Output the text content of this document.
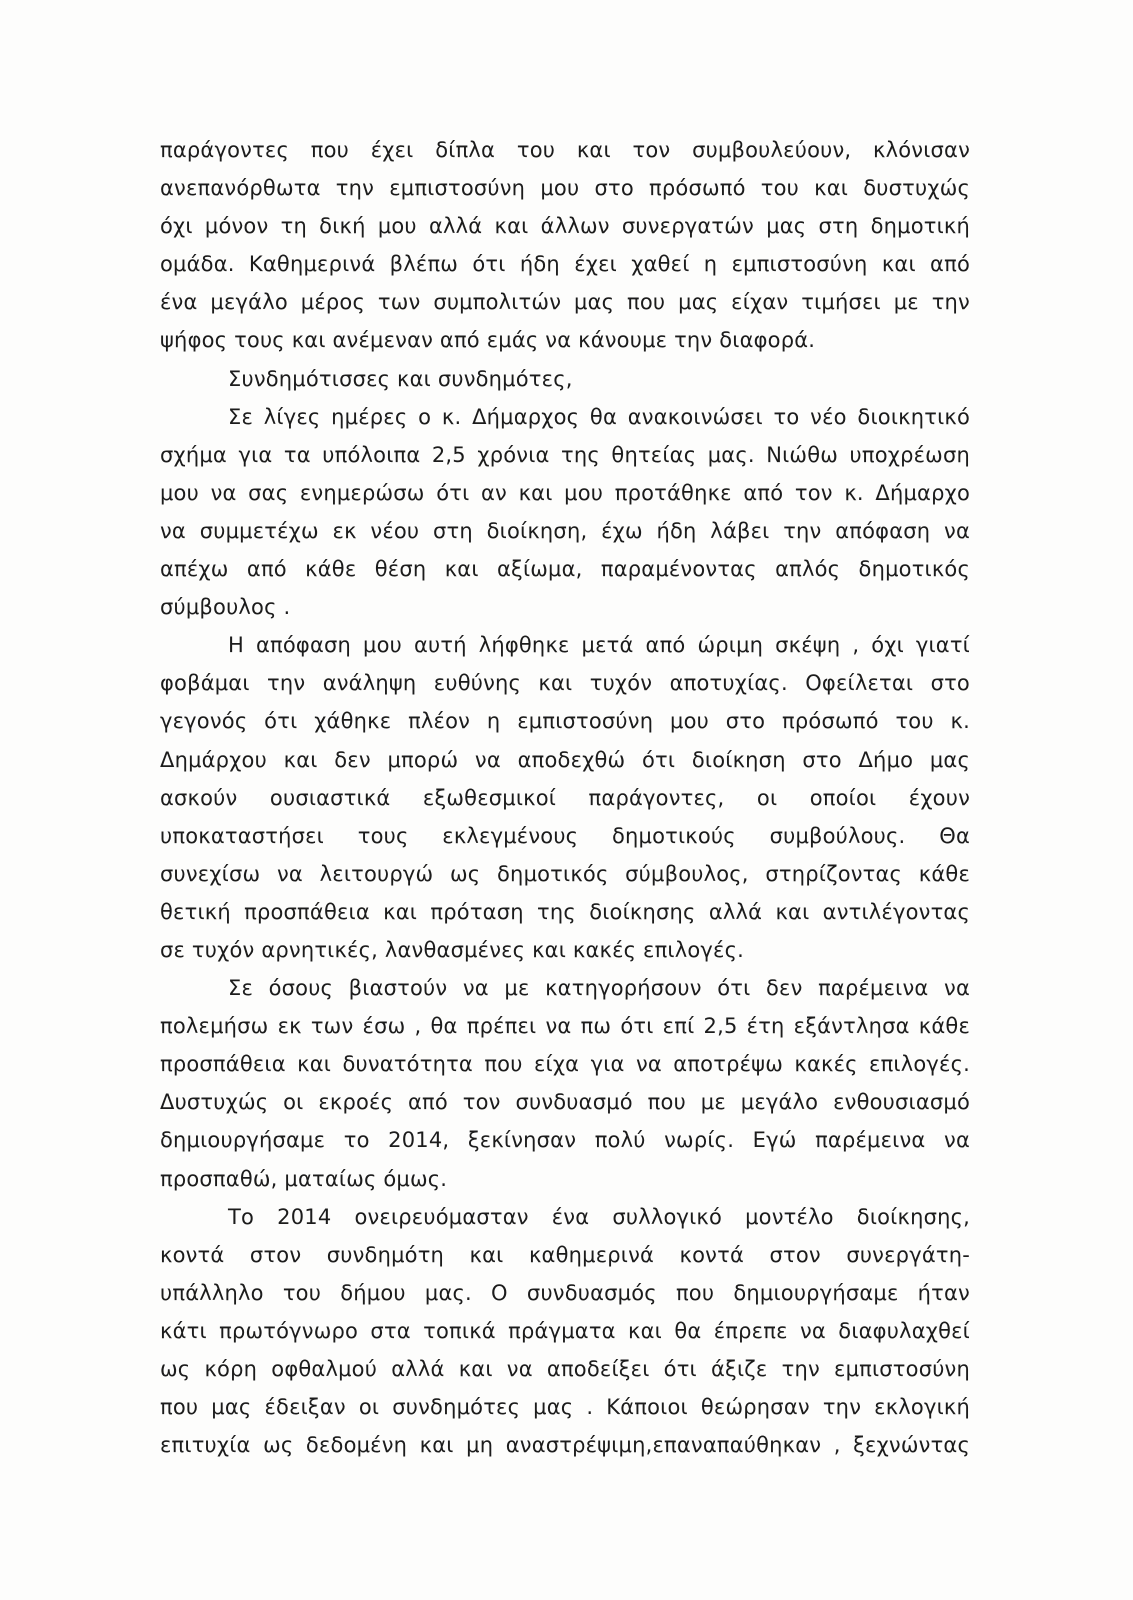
παράγοντες που έχει δίπλα του και τον συμβουλεύουν, κλόνισαν
ανεπανόρθωτα την εμπιστοσύνη μου στο πρόσωπό του και δυστυχώς
όχι μόνον τη δική μου αλλά και άλλων συνεργατών μας στη δημοτική
ομάδα. Καθημερινά βλέπω ότι ήδη έχει χαθεί η εμπιστοσύνη και από
ένα μεγάλο μέρος των συμπολιτών μας που μας είχαν τιμήσει με την
ψήφος τους και ανέμεναν από εμάς να κάνουμε την διαφορά.
Συνδημότισσες και συνδημότες,
Σε λίγες ημέρες ο κ. Δήμαρχος θα ανακοινώσει το νέο διοικητικό
σχήμα για τα υπόλοιπα 2,5 χρόνια της θητείας μας. Νιώθω υποχρέωση
μου να σας ενημερώσω ότι αν και μου προτάθηκε από τον κ. Δήμαρχο
να συμμετέχω εκ νέου στη διοίκηση, έχω ήδη λάβει την απόφαση να
απέχω από κάθε θέση και αξίωμα, παραμένοντας απλός δημοτικός
σύμβουλος .
Η απόφαση μου αυτή λήφθηκε μετά από ώριμη σκέψη , όχι γιατί
φοβάμαι την ανάληψη ευθύνης και τυχόν αποτυχίας. Οφείλεται στο
γεγονός ότι χάθηκε πλέον η εμπιστοσύνη μου στο πρόσωπό του κ.
Δημάρχου και δεν μπορώ να αποδεχθώ ότι διοίκηση στο Δήμο μας
ασκούν ουσιαστικά εξωθεσμικοί παράγοντες, οι οποίοι έχουν
υποκαταστήσει τους εκλεγμένους δημοτικούς συμβούλους. Θα
συνεχίσω να λειτουργώ ως δημοτικός σύμβουλος, στηρίζοντας κάθε
θετική προσπάθεια και πρόταση της διοίκησης αλλά και αντιλέγοντας
σε τυχόν αρνητικές, λανθασμένες και κακές επιλογές.
Σε όσους βιαστούν να με κατηγορήσουν ότι δεν παρέμεινα να
πολεμήσω εκ των έσω , θα πρέπει να πω ότι επί 2,5 έτη εξάντλησα κάθε
προσπάθεια και δυνατότητα που είχα για να αποτρέψω κακές επιλογές.
Δυστυχώς οι εκροές από τον συνδυασμό που με μεγάλο ενθουσιασμό
δημιουργήσαμε το 2014, ξεκίνησαν πολύ νωρίς. Εγώ παρέμεινα να
προσπαθώ, ματαίως όμως.
Το 2014 ονειρευόμασταν ένα συλλογικό μοντέλο διοίκησης,
κοντά στον συνδημότη και καθημερινά κοντά στον συνεργάτη-
υπάλληλο του δήμου μας. Ο συνδυασμός που δημιουργήσαμε ήταν
κάτι πρωτόγνωρο στα τοπικά πράγματα και θα έπρεπε να διαφυλαχθεί
ως κόρη οφθαλμού αλλά και να αποδείξει ότι άξιζε την εμπιστοσύνη
που μας έδειξαν οι συνδημότες μας . Κάποιοι θεώρησαν την εκλογική
επιτυχία ως δεδομένη και μη αναστρέψιμη,επαναπαύθηκαν , ξεχνώντας
